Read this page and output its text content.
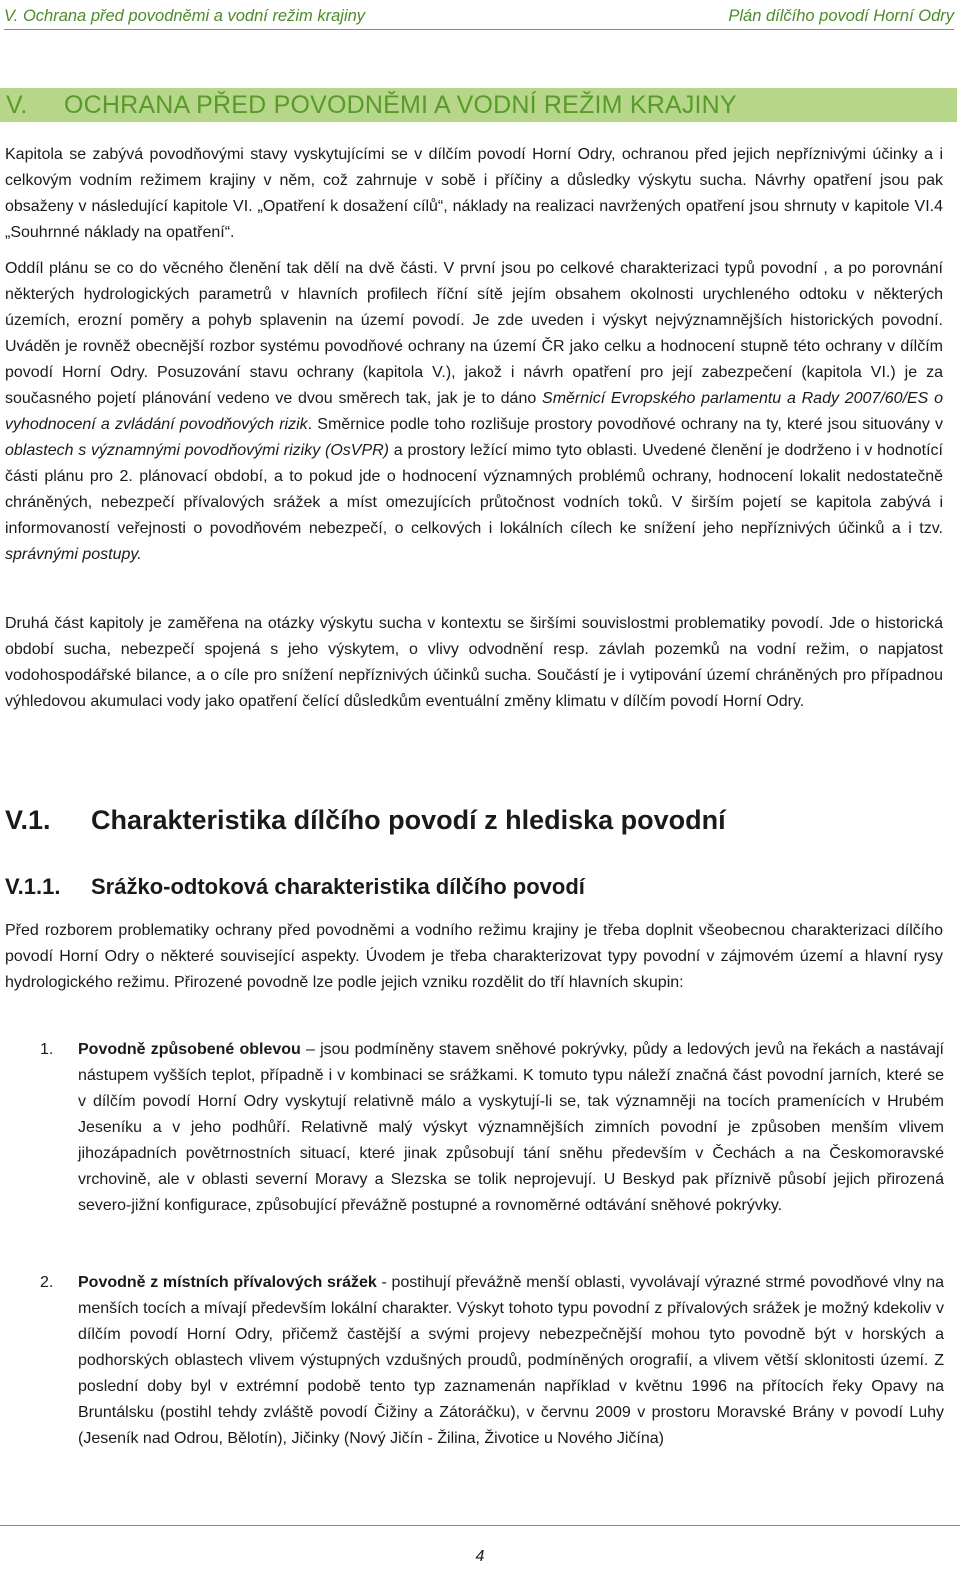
V. Ochrana před povodněmi a vodní režim krajiny	Plán dílčího povodí Horní Odry
V.	OCHRANA PŘED POVODNĚMI A VODNÍ REŽIM KRAJINY

Kapitola se zabývá povodňovými stavy vyskytujícími se v dílčím povodí Horní Odry, ochranou před jejich nepříznivými účinky a i celkovým vodním režimem krajiny v něm, což zahrnuje v sobě i příčiny a důsledky výskytu sucha. Návrhy opatření jsou pak obsaženy v následující kapitole VI. „Opatření k dosažení cílů“, náklady na realizaci navržených opatření jsou shrnuty v kapitole VI.4 „Souhrnné náklady na opatření“.

Oddíl plánu se co do věcného členění tak dělí na dvě části. V první jsou po celkové charakterizaci typů povodní , a po porovnání některých hydrologických parametrů v hlavních profilech říční sítě jejím obsahem okolnosti urychleného odtoku v některých územích, erozní poměry a pohyb splavenin na území povodí. Je zde uveden i výskyt nejvýznamnějších historických povodní. Uváděn je rovněž obecnější rozbor systému povodňové ochrany na území ČR jako celku a hodnocení stupně této ochrany v dílčím povodí Horní Odry. Posuzování stavu ochrany (kapitola V.), jakož i návrh opatření pro její zabezpečení (kapitola VI.) je za současného pojetí plánování vedeno ve dvou směrech tak, jak je to dáno Směrnicí Evropského parlamentu a Rady 2007/60/ES o vyhodnocení a zvládání povodňových rizik. Směrnice podle toho rozlišuje prostory povodňové ochrany na ty, které jsou situovány v oblastech s významnými povodňovými riziky (OsVPR) a prostory ležící mimo tyto oblasti. Uvedené členění je dodrženo i v hodnotící části plánu pro 2. plánovací období, a to pokud jde o hodnocení významných problémů ochrany, hodnocení lokalit nedostatečně chráněných, nebezpečí přívalových srážek a míst omezujících průtočnost vodních toků. V širším pojetí se kapitola zabývá i informovaností veřejnosti o povodňovém nebezpečí, o celkových i lokálních cílech ke snížení jeho nepříznivých účinků a i tzv. správnými postupy.

Druhá část kapitoly je zaměřena na otázky výskytu sucha v kontextu se širšími souvislostmi problematiky povodí. Jde o historická období sucha, nebezpečí spojená s jeho výskytem, o vlivy odvodnění resp. závlah pozemků na vodní režim, o napjatost vodohospodářské bilance, a o cíle pro snížení nepříznivých účinků sucha. Součástí je i vytipování území chráněných pro případnou výhledovou akumulaci vody jako opatření čelící důsledkům eventuální změny klimatu v dílčím povodí Horní Odry.

V.1.	Charakteristika dílčího povodí z hlediska povodní
V.1.1.	Srážko-odtoková charakteristika dílčího povodí

Před rozborem problematiky ochrany před povodněmi a vodního režimu krajiny je třeba doplnit všeobecnou charakterizaci dílčího povodí Horní Odry o některé související aspekty. Úvodem je třeba charakterizovat typy povodní v zájmovém území a hlavní rysy hydrologického režimu. Přirozené povodně lze podle jejich vzniku rozdělit do tří hlavních skupin:

1.	Povodně způsobené oblevou – jsou podmíněny stavem sněhové pokrývky, půdy a ledových jevů na řekách a nastávají nástupem vyšších teplot, případně i v kombinaci se srážkami. K tomuto typu náleží značná část povodní jarních, které se v dílčím povodí Horní Odry vyskytují relativně málo a vyskytují-li se, tak významněji na tocích pramenících v Hrubém Jeseníku a v jeho podhůří. Relativně malý výskyt významnějších zimních povodní je způsoben menším vlivem jihozápadních povětrnostních situací, které jinak způsobují tání sněhu především v Čechách a na Českomoravské vrchovině, ale v oblasti severní Moravy a Slezska se tolik neprojevují. U Beskyd pak příznivě působí jejich přirozená severo-jižní konfigurace, způsobující převážně postupné a rovnoměrné odtávání sněhové pokrývky.
2.	Povodně z místních přívalových srážek - postihují převážně menší oblasti, vyvolávají výrazné strmé povodňové vlny na menších tocích a mívají především lokální charakter. Výskyt tohoto typu povodní z přívalových srážek je možný kdekoliv v dílčím povodí Horní Odry, přičemž častější a svými projevy nebezpečnější mohou tyto povodně být v horských a podhorských oblastech vlivem výstupných vzdušných proudů, podmíněných orografií, a vlivem větší sklonitosti území. Z poslední doby byl v extrémní podobě tento typ zaznamenán například v květnu 1996 na přítocích řeky Opavy na Bruntálsku (postihl tehdy zvláště povodí Čižiny a Zátoráčku), v červnu 2009 v prostoru Moravské Brány v povodí Luhy (Jeseník nad Odrou, Bělotín), Jičinky (Nový Jičín - Žilina, Životice u Nového Jičína)
4
